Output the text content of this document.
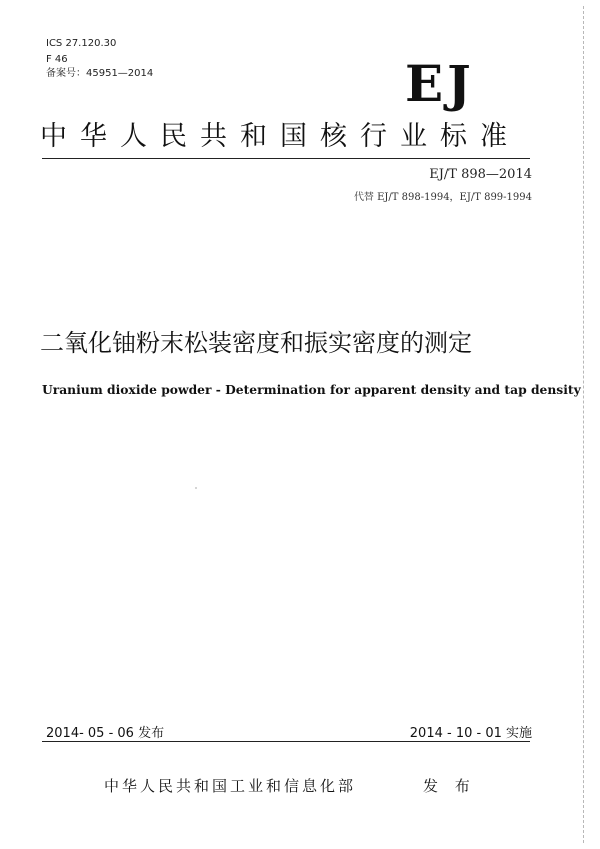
ICS 27.120.30
F 46
备案号：45951—2014	EJ
中华人民共和国核行业标准
EJ/T 898—2014
代替 EJ/T 898-1994，EJ/T 899-1994
二氧化铀粉末松装密度和振实密度的测定
Uranium dioxide powder - Determination for apparent density and tap density
2014- 05 - 06 发布	2014 - 10 - 01 实施
中华人民共和国工业和信息化部	发 布
